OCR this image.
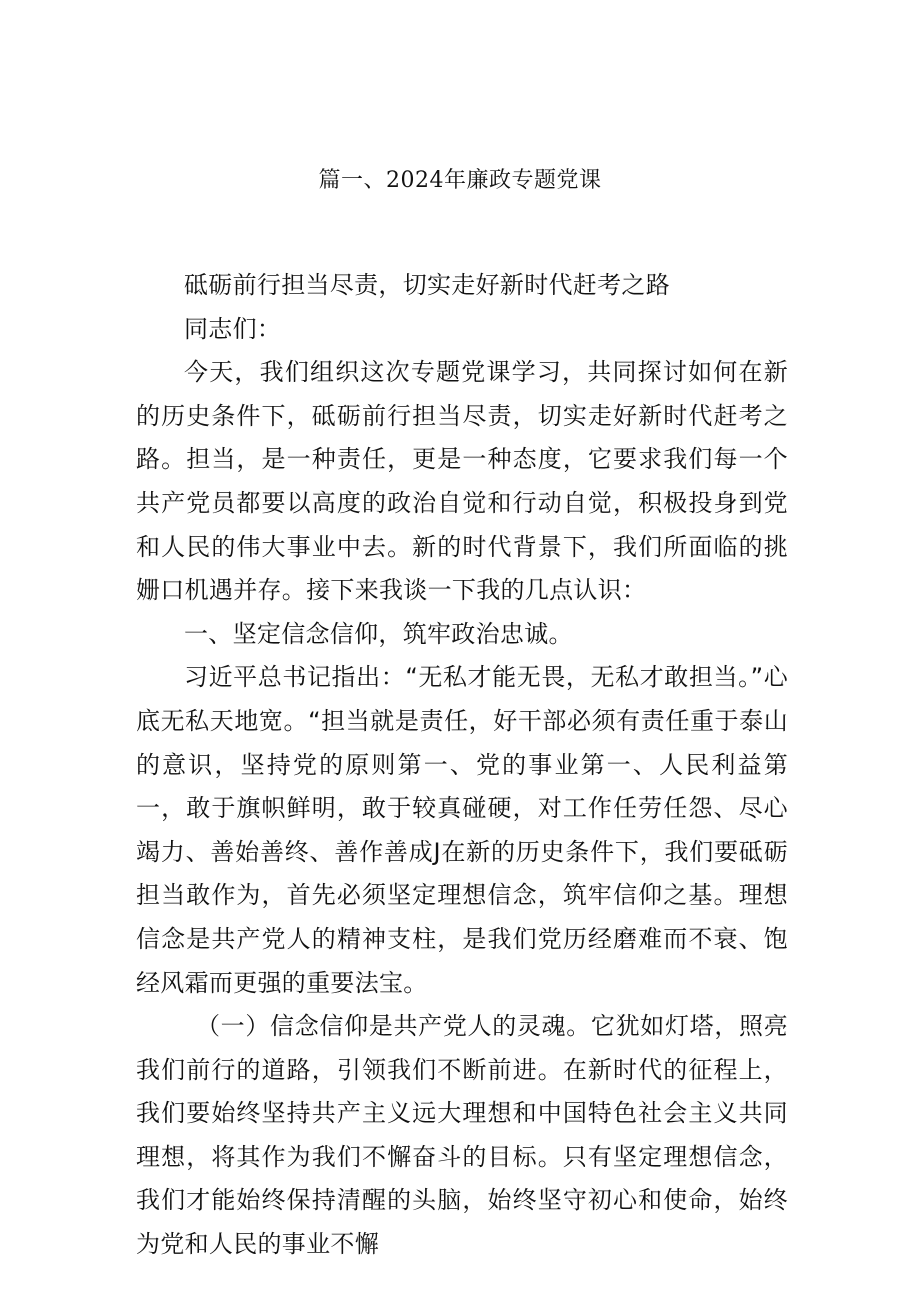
篇一、2024年廉政专题党课

砥砺前行担当尽责，切实走好新时代赶考之路

同志们：

今天，我们组织这次专题党课学习，共同探讨如何在新的历史条件下，砥砺前行担当尽责，切实走好新时代赶考之路。担当，是一种责任，更是一种态度，它要求我们每一个共产党员都要以高度的政治自觉和行动自觉，积极投身到党和人民的伟大事业中去。新的时代背景下，我们所面临的挑姗口机遇并存。接下来我谈一下我的几点认识：

一、坚定信念信仰，筑牢政治忠诚。

习近平总书记指出：“无私才能无畏，无私才敢担当。”心底无私天地宽。“担当就是责任，好干部必须有责任重于泰山的意识，坚持党的原则第一、党的事业第一、人民利益第一，敢于旗帜鲜明，敢于较真碰硬，对工作任劳任怨、尽心竭力、善始善终、善作善成J在新的历史条件下，我们要砥砺担当敢作为，首先必须坚定理想信念，筑牢信仰之基。理想信念是共产党人的精神支柱，是我们党历经磨难而不衰、饱经风霜而更强的重要法宝。

（一）信念信仰是共产党人的灵魂。它犹如灯塔，照亮我们前行的道路，引领我们不断前进。在新时代的征程上，我们要始终坚持共产主义远大理想和中国特色社会主义共同理想，将其作为我们不懈奋斗的目标。只有坚定理想信念，我们才能始终保持清醒的头脑，始终坚守初心和使命，始终为党和人民的事业不懈
